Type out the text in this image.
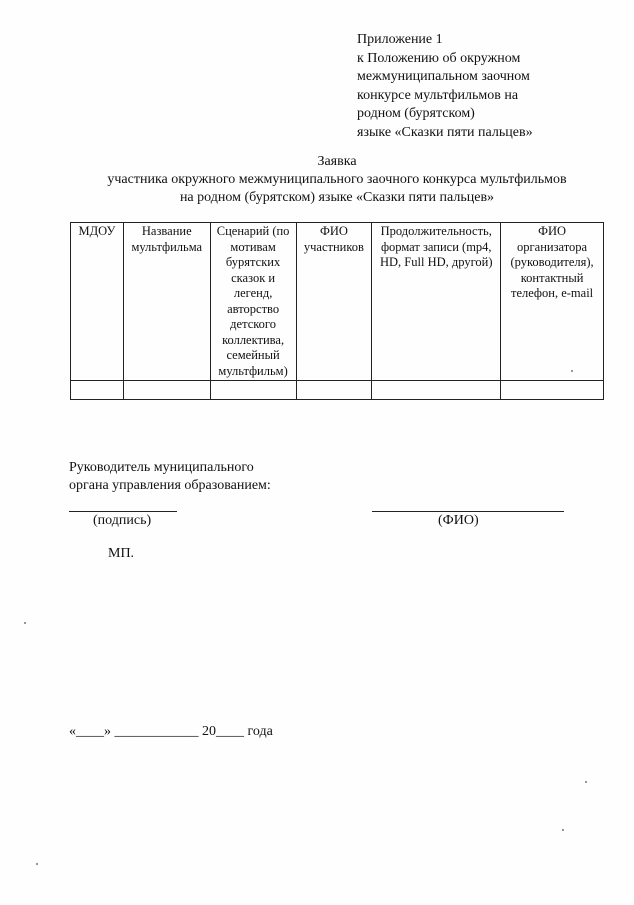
Приложение 1
к Положению об окружном
межмуниципальном заочном
конкурсе мультфильмов на
родном (бурятском)
языке «Сказки пяти пальцев»
Заявка
участника окружного межмуниципального заочного конкурса мультфильмов
на родном (бурятском) языке «Сказки пяти пальцев»
МДОУ	Название мультфильма	Сценарий (по мотивам бурятских сказок и легенд, авторство детского коллектива, семейный мультфильм)	ФИО участников	Продолжительность, формат записи (mp4, HD, Full HD, другой)	ФИО организатора (руководителя), контактный телефон, e-mail

Руководитель муниципального
органа управления образованием:
(подпись)	(ФИО)
МП.
«____» ____________ 20____ года
